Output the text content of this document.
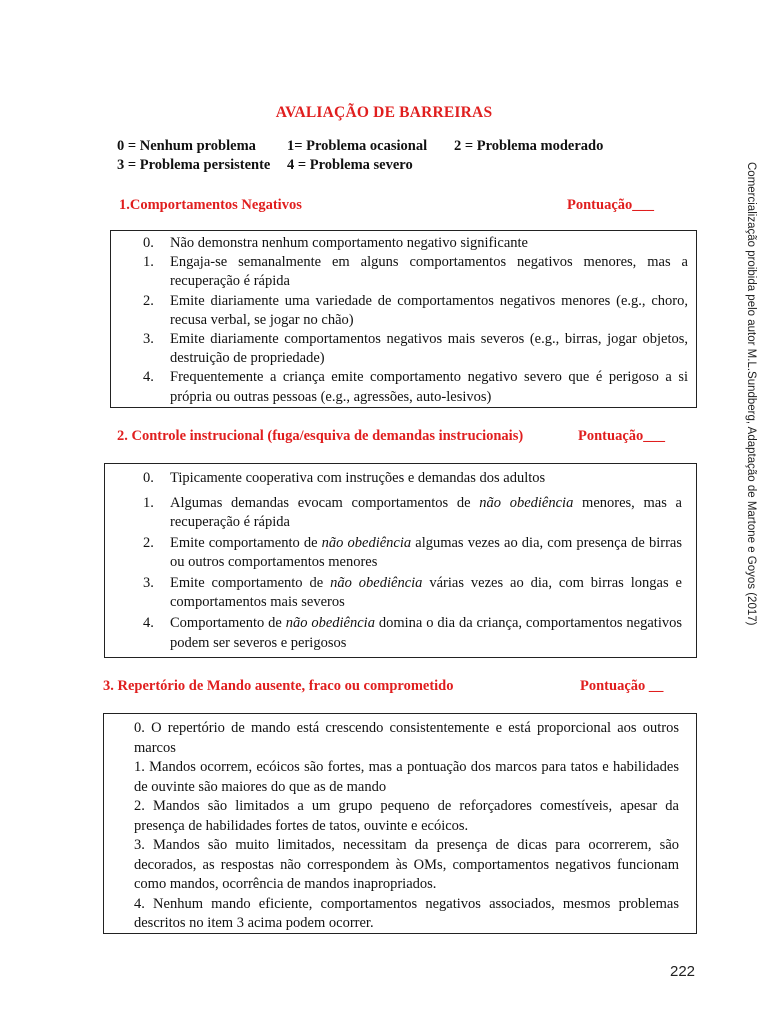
AVALIAÇÃO DE BARREIRAS
0 = Nenhum problema 1= Problema ocasional 2 = Problema moderado
3 = Problema persistente 4 = Problema severo
1.Comportamentos Negativos	Pontuação___
0. Não demonstra nenhum comportamento negativo significante
1. Engaja-se semanalmente em alguns comportamentos negativos menores, mas a recuperação é rápida
2. Emite diariamente uma variedade de comportamentos negativos menores (e.g., choro, recusa verbal, se jogar no chão)
3. Emite diariamente comportamentos negativos mais severos (e.g., birras, jogar objetos, destruição de propriedade)
4. Frequentemente a criança emite comportamento negativo severo que é perigoso a si própria ou outras pessoas (e.g., agressões, auto-lesivos)
2. Controle instrucional (fuga/esquiva de demandas instrucionais)	Pontuação___
0. Tipicamente cooperativa com instruções e demandas dos adultos
1. Algumas demandas evocam comportamentos de não obediência menores, mas a recuperação é rápida
2. Emite comportamento de não obediência algumas vezes ao dia, com presença de birras ou outros comportamentos menores
3. Emite comportamento de não obediência várias vezes ao dia, com birras longas e comportamentos mais severos
4. Comportamento de não obediência domina o dia da criança, comportamentos negativos podem ser severos e perigosos
3. Repertório de Mando ausente, fraco ou comprometido	Pontuação __

0. O repertório de mando está crescendo consistentemente e está proporcional aos outros marcos

1. Mandos ocorrem, ecóicos são fortes, mas a pontuação dos marcos para tatos e habilidades de ouvinte são maiores do que as de mando

2. Mandos são limitados a um grupo pequeno de reforçadores comestíveis, apesar da presença de habilidades fortes de tatos, ouvinte e ecóicos.

3. Mandos são muito limitados, necessitam da presença de dicas para ocorrerem, são decorados, as respostas não correspondem às OMs, comportamentos negativos funcionam como mandos, ocorrência de mandos inapropriados.

4. Nenhum mando eficiente, comportamentos negativos associados, mesmos problemas descritos no item 3 acima podem ocorrer.

Comercialização proibida pelo autor M.L.Sundberg, Adaptação de Martone e Goyos (2017)
222
